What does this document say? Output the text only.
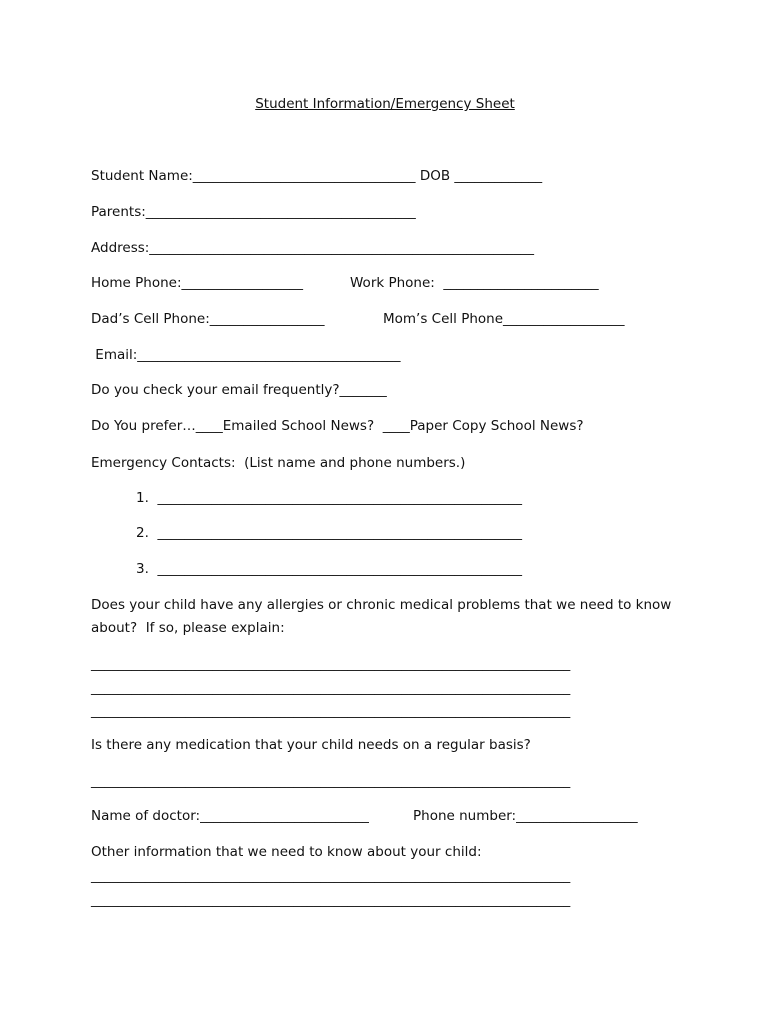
Student Information/Emergency Sheet
Student Name:_________________________________ DOB _____________
Parents:________________________________________
Address:_________________________________________________________
Home Phone:__________________	Work Phone:  _______________________
Dad’s Cell Phone:_________________	Mom’s Cell Phone__________________
Email:_______________________________________
Do you check your email frequently?_______
Do You prefer…____Emailed School News?  ____Paper Copy School News?
Emergency Contacts:  (List name and phone numbers.)
1.  ______________________________________________________
2.  ______________________________________________________
3.  ______________________________________________________
Does your child have any allergies or chronic medical problems that we need to know
about?  If so, please explain:
_______________________________________________________________________
_______________________________________________________________________
_______________________________________________________________________
Is there any medication that your child needs on a regular basis?
_______________________________________________________________________
Name of doctor:_________________________	Phone number:__________________
Other information that we need to know about your child:
_______________________________________________________________________
_______________________________________________________________________
